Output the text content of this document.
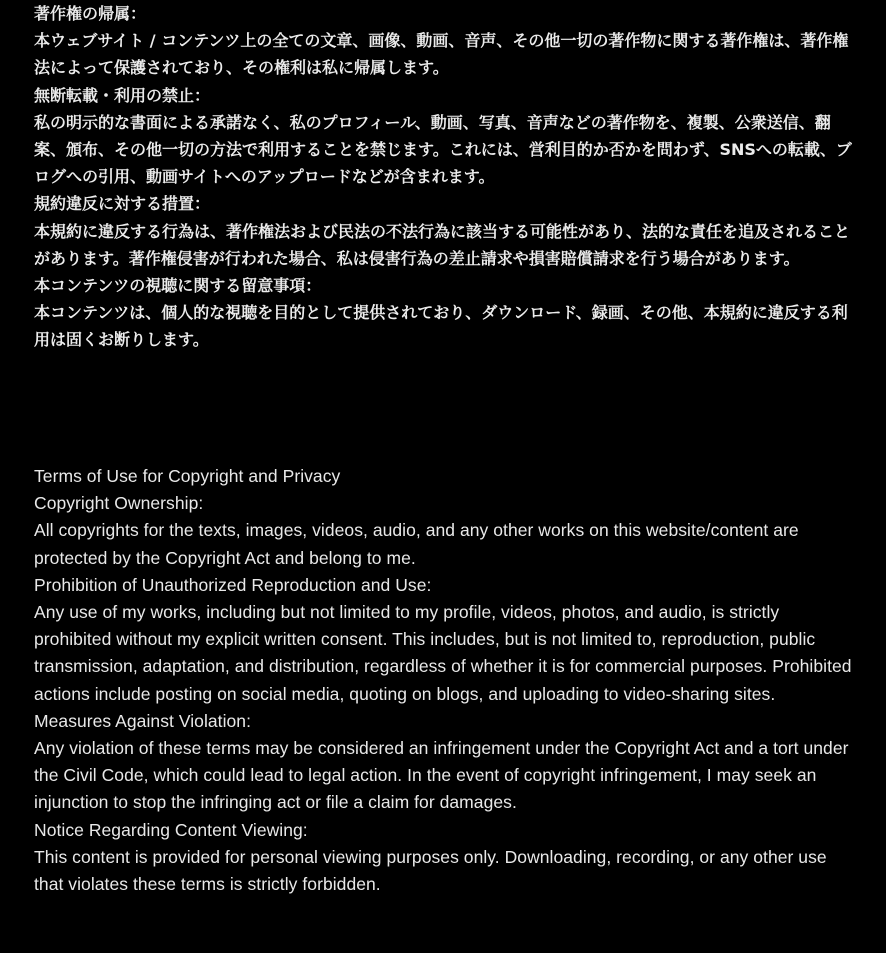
著作権の帰属：

本ウェブサイト / コンテンツ上の全ての文章、画像、動画、音声、その他一切の著作物に関する著作権は、著作権法によって保護されており、その権利は私に帰属します。

無断転載・利用の禁止：

私の明示的な書面による承諾なく、私のプロフィール、動画、写真、音声などの著作物を、複製、公衆送信、翻案、頒布、その他一切の方法で利用することを禁じます。これには、営利目的か否かを問わず、SNSへの転載、ブログへの引用、動画サイトへのアップロードなどが含まれます。

規約違反に対する措置：

本規約に違反する行為は、著作権法および民法の不法行為に該当する可能性があり、法的な責任を追及されることがあります。著作権侵害が行われた場合、私は侵害行為の差止請求や損害賠償請求を行う場合があります。

本コンテンツの視聴に関する留意事項：

本コンテンツは、個人的な視聴を目的として提供されており、ダウンロード、録画、その他、本規約に違反する利用は固くお断りします。

Terms of Use for Copyright and Privacy

Copyright Ownership:

All copyrights for the texts, images, videos, audio, and any other works on this website/content are protected by the Copyright Act and belong to me.

Prohibition of Unauthorized Reproduction and Use:

Any use of my works, including but not limited to my profile, videos, photos, and audio, is strictly prohibited without my explicit written consent. This includes, but is not limited to, reproduction, public transmission, adaptation, and distribution, regardless of whether it is for commercial purposes. Prohibited actions include posting on social media, quoting on blogs, and uploading to video-sharing sites.

Measures Against Violation:

Any violation of these terms may be considered an infringement under the Copyright Act and a tort under the Civil Code, which could lead to legal action. In the event of copyright infringement, I may seek an injunction to stop the infringing act or file a claim for damages.

Notice Regarding Content Viewing:

This content is provided for personal viewing purposes only. Downloading, recording, or any other use that violates these terms is strictly forbidden.
